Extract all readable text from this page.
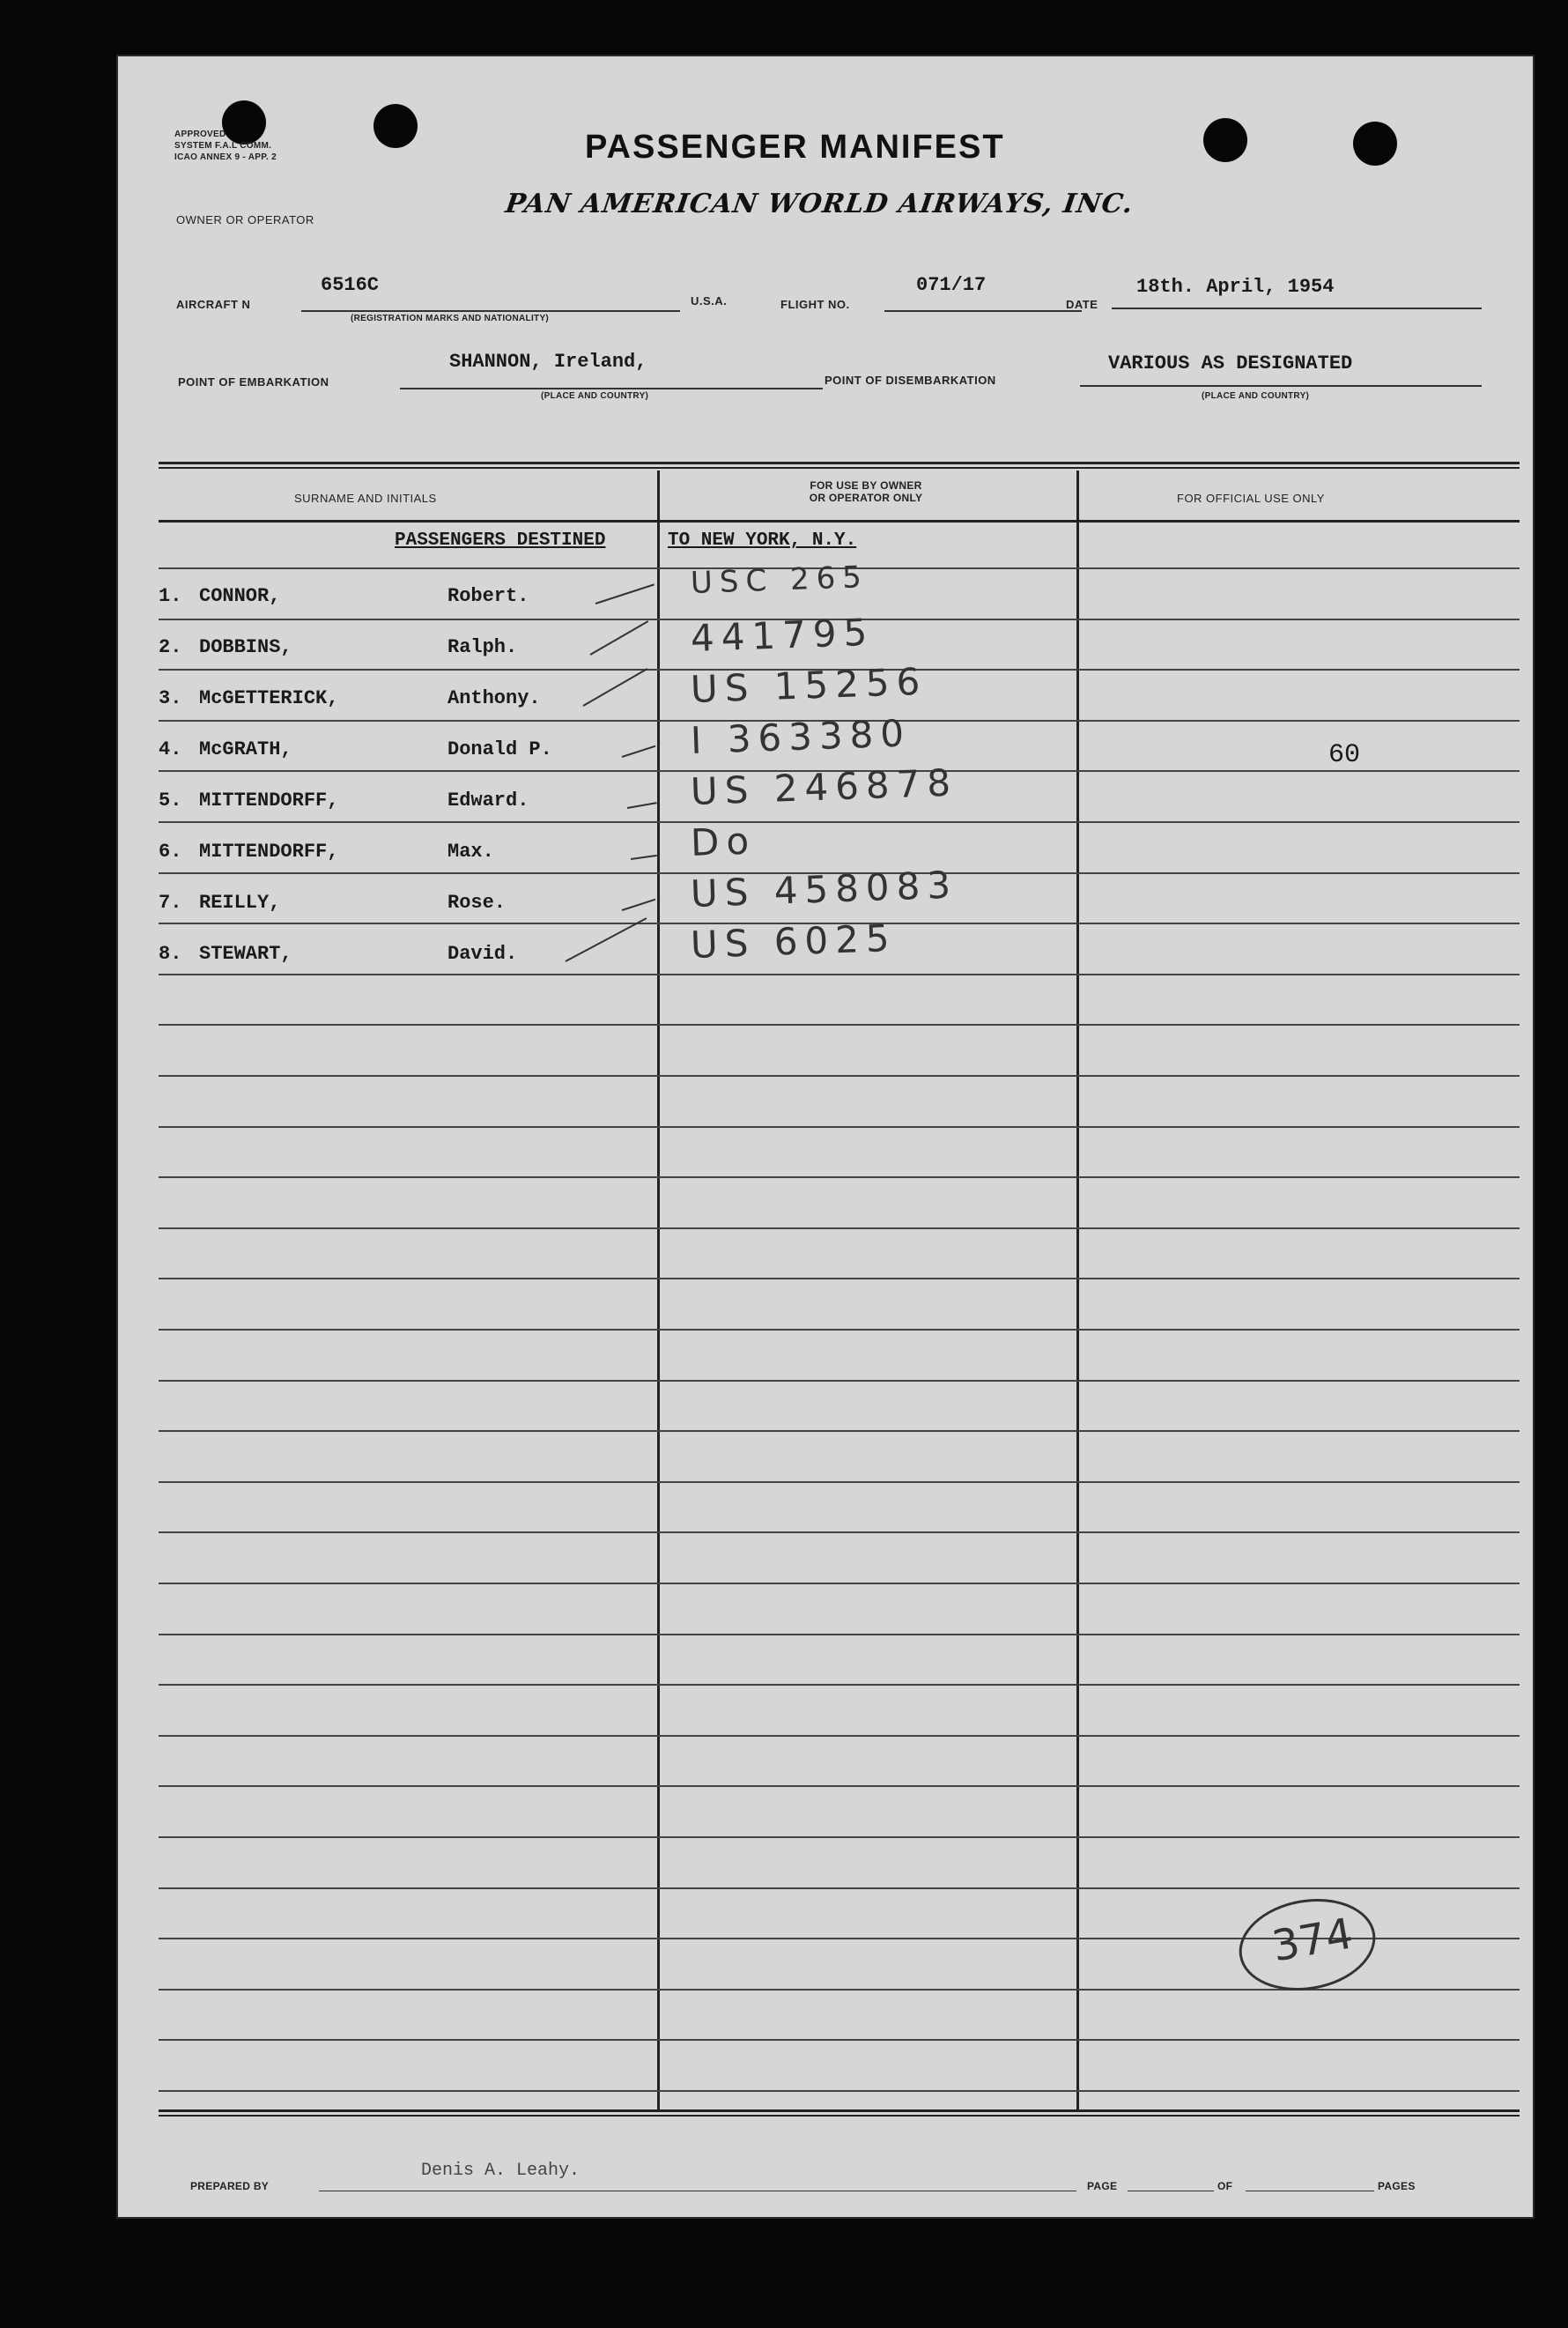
APPROVED
SYSTEM F.A.L COMM.
ICAO ANNEX 9 - APP. 2
OWNER OR OPERATOR
PASSENGER MANIFEST
PAN AMERICAN WORLD AIRWAYS, INC.
AIRCRAFT N
6516C
(REGISTRATION MARKS AND NATIONALITY)
U.S.A.	FLIGHT NO.
071/17
DATE
18th. April, 1954
POINT OF EMBARKATION
SHANNON, Ireland,
(PLACE AND COUNTRY)
POINT OF DISEMBARKATION
VARIOUS AS DESIGNATED
(PLACE AND COUNTRY)
SURNAME AND INITIALS
FOR USE BY OWNER
OR OPERATOR ONLY	FOR OFFICIAL USE ONLY
PASSENGERS DESTINED	TO NEW YORK, N.Y.
1. CONNOR,	Robert.	USC 265
2. DOBBINS,	Ralph.	441795
3. McGETTERICK,	Anthony.	US 15256
4. McGRATH,	Donald P.	I 363380	60
5. MITTENDORFF,	Edward.	US 246878
6. MITTENDORFF,	Max.	Do
7. REILLY,	Rose.	US 458083
8. STEWART,	David.	US 6025
374
PREPARED BY
Denis A. Leahy.
PAGE	OF	PAGES
